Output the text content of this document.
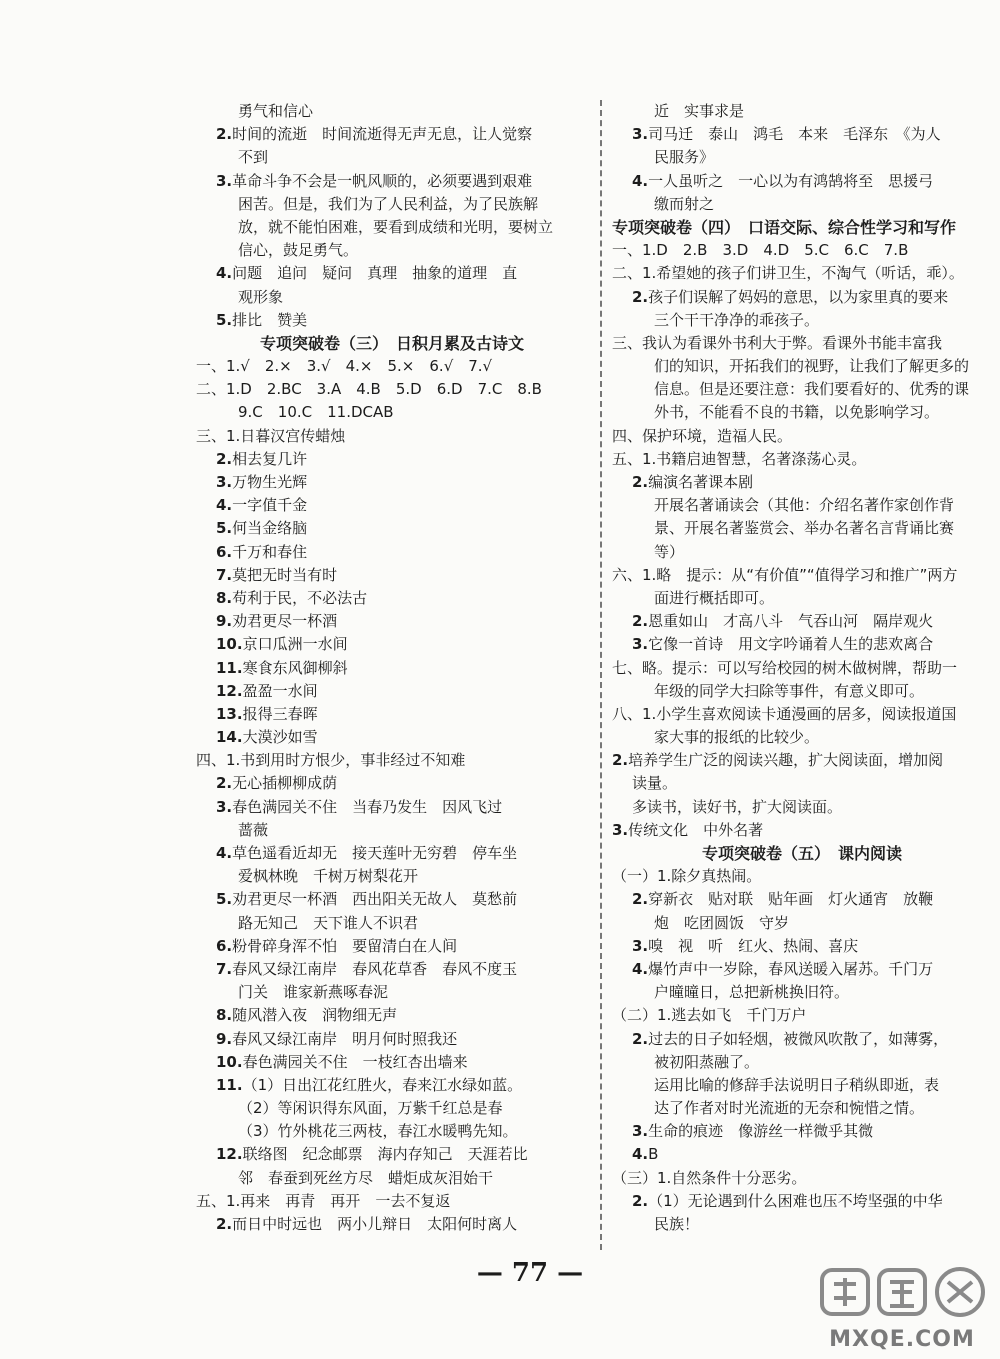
勇气和信心
2.时间的流逝　时间流逝得无声无息，让人觉察
不到
3.革命斗争不会是一帆风顺的，必须要遇到艰难
困苦。但是，我们为了人民利益，为了民族解
放，就不能怕困难，要看到成绩和光明，要树立
信心，鼓足勇气。
4.问题　追问　疑问　真理　抽象的道理　直
观形象
5.排比　赞美
专项突破卷（三）　日积月累及古诗文
一、1.√　2.×　3.√　4.×　5.×　6.√　7.√
二、1.D　2.BC　3.A　4.B　5.D　6.D　7.C　8.B
9.C　10.C　11.DCAB
三、1.日暮汉宫传蜡烛
2.相去复几许
3.万物生光辉
4.一字值千金
5.何当金络脑
6.千万和春住
7.莫把无时当有时
8.苟利于民，不必法古
9.劝君更尽一杯酒
10.京口瓜洲一水间
11.寒食东风御柳斜
12.盈盈一水间
13.报得三春晖
14.大漠沙如雪
四、1.书到用时方恨少，事非经过不知难
2.无心插柳柳成荫
3.春色满园关不住　当春乃发生　因风飞过
蔷薇
4.草色遥看近却无　接天莲叶无穷碧　停车坐
爱枫林晚　千树万树梨花开
5.劝君更尽一杯酒　西出阳关无故人　莫愁前
路无知己　天下谁人不识君
6.粉骨碎身浑不怕　要留清白在人间
7.春风又绿江南岸　春风花草香　春风不度玉
门关　谁家新燕啄春泥
8.随风潜入夜　润物细无声
9.春风又绿江南岸　明月何时照我还
10.春色满园关不住　一枝红杏出墙来
11.（1）日出江花红胜火，春来江水绿如蓝。
（2）等闲识得东风面，万紫千红总是春
（3）竹外桃花三两枝，春江水暖鸭先知。
12.联络图　纪念邮票　海内存知己　天涯若比
邻　春蚕到死丝方尽　蜡炬成灰泪始干
五、1.再来　再青　再开　一去不复返
2.而日中时远也　两小儿辩日　太阳何时离人
近　实事求是
3.司马迁　泰山　鸿毛　本来　毛泽东　《为人
民服务》
4.一人虽听之　一心以为有鸿鹄将至　思援弓
缴而射之
专项突破卷（四）　口语交际、综合性学习和写作
一、1.D　2.B　3.D　4.D　5.C　6.C　7.B
二、1.希望她的孩子们讲卫生，不淘气（听话，乖）。
2.孩子们误解了妈妈的意思，以为家里真的要来
三个干干净净的乖孩子。
三、我认为看课外书利大于弊。看课外书能丰富我
们的知识，开拓我们的视野，让我们了解更多的
信息。但是还要注意：我们要看好的、优秀的课
外书，不能看不良的书籍，以免影响学习。
四、保护环境，造福人民。
五、1.书籍启迪智慧，名著涤荡心灵。
2.编演名著课本剧
开展名著诵读会（其他：介绍名著作家创作背
景、开展名著鉴赏会、举办名著名言背诵比赛
等）
六、1.略　提示：从“有价值”“值得学习和推广”两方
面进行概括即可。
2.恩重如山　才高八斗　气吞山河　隔岸观火
3.它像一首诗　用文字吟诵着人生的悲欢离合
七、略。提示：可以写给校园的树木做树牌，帮助一
年级的同学大扫除等事件，有意义即可。
八、1.小学生喜欢阅读卡通漫画的居多，阅读报道国
家大事的报纸的比较少。
2.培养学生广泛的阅读兴趣，扩大阅读面，增加阅
读量。
多读书，读好书，扩大阅读面。
3.传统文化　中外名著
专项突破卷（五）　课内阅读
（一）1.除夕真热闹。
2.穿新衣　贴对联　贴年画　灯火通宵　放鞭
炮　吃团圆饭　守岁
3.嗅　视　听　红火、热闹、喜庆
4.爆竹声中一岁除，春风送暖入屠苏。千门万
户曈曈日，总把新桃换旧符。
（二）1.逃去如飞　千门万户
2.过去的日子如轻烟，被微风吹散了，如薄雾，
被初阳蒸融了。
运用比喻的修辞手法说明日子稍纵即逝，表
达了作者对时光流逝的无奈和惋惜之情。
3.生命的痕迹　像游丝一样微乎其微
4.B
（三）1.自然条件十分恶劣。
2.（1）无论遇到什么困难也压不垮坚强的中华
民族！
— 77 —
MXQE.COM
